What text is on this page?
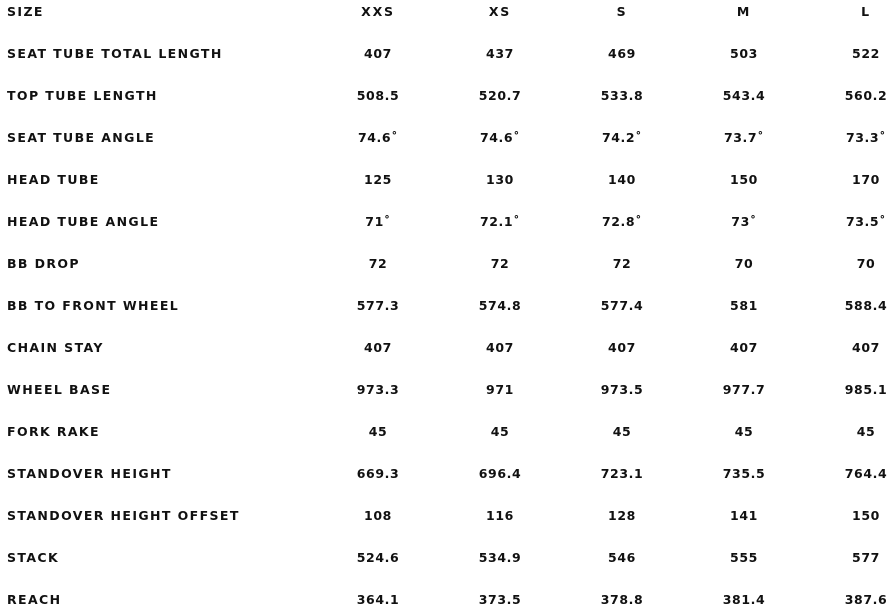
SIZE	XXS	XS	S	M	L
SEAT TUBE TOTAL LENGTH	407	437	469	503	522
TOP TUBE LENGTH	508.5	520.7	533.8	543.4	560.2
SEAT TUBE ANGLE	74.6˚	74.6˚	74.2˚	73.7˚	73.3˚
HEAD TUBE	125	130	140	150	170
HEAD TUBE ANGLE	71˚	72.1˚	72.8˚	73˚	73.5˚
BB DROP	72	72	72	70	70
BB TO FRONT WHEEL	577.3	574.8	577.4	581	588.4
CHAIN STAY	407	407	407	407	407
WHEEL BASE	973.3	971	973.5	977.7	985.1
FORK RAKE	45	45	45	45	45
STANDOVER HEIGHT	669.3	696.4	723.1	735.5	764.4
STANDOVER HEIGHT OFFSET	108	116	128	141	150
STACK	524.6	534.9	546	555	577
REACH	364.1	373.5	378.8	381.4	387.6
